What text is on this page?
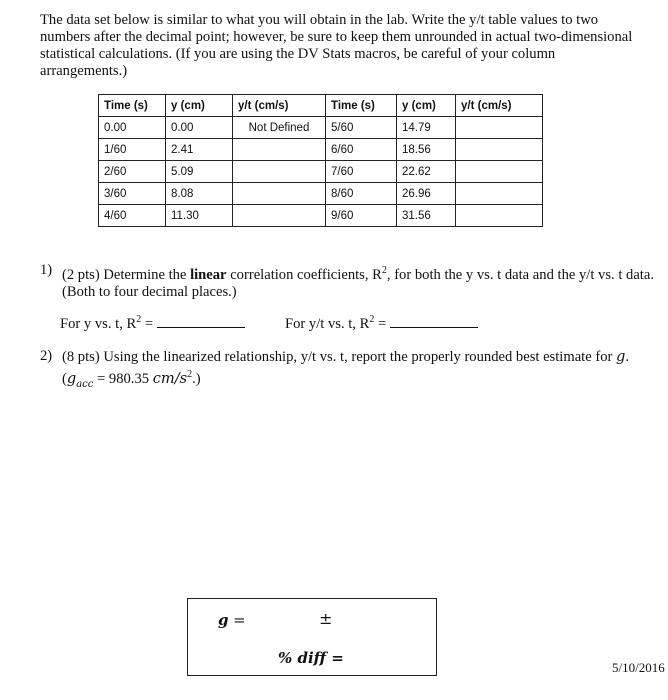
The data set below is similar to what you will obtain in the lab. Write the y/t table values to two numbers after the decimal point; however, be sure to keep them unrounded in actual two-dimensional statistical calculations. (If you are using the DV Stats macros, be careful of your column arrangements.)

Time (s)	y (cm)	y/t (cm/s)	Time (s)	y (cm)	y/t (cm/s)
0.00	0.00	Not Defined	5/60	14.79	
1/60	2.41		6/60	18.56	
2/60	5.09		7/60	22.62	
3/60	8.08		8/60	26.96	
4/60	11.30		9/60	31.56	
1) (2 pts) Determine the linear correlation coefficients, $R^2$, for both the y vs. t data and the y/t vs. t data. (Both to four decimal places.)
For y vs. t, $R^2$ =	For y/t vs. t, $R^2$ =
2) (8 pts) Using the linearized relationship, y/t vs. t, report the properly rounded best estimate for g.
($g_{acc} = 980.35$ $cm/s^2$.)
g =	±
% diff =
5/10/2016
